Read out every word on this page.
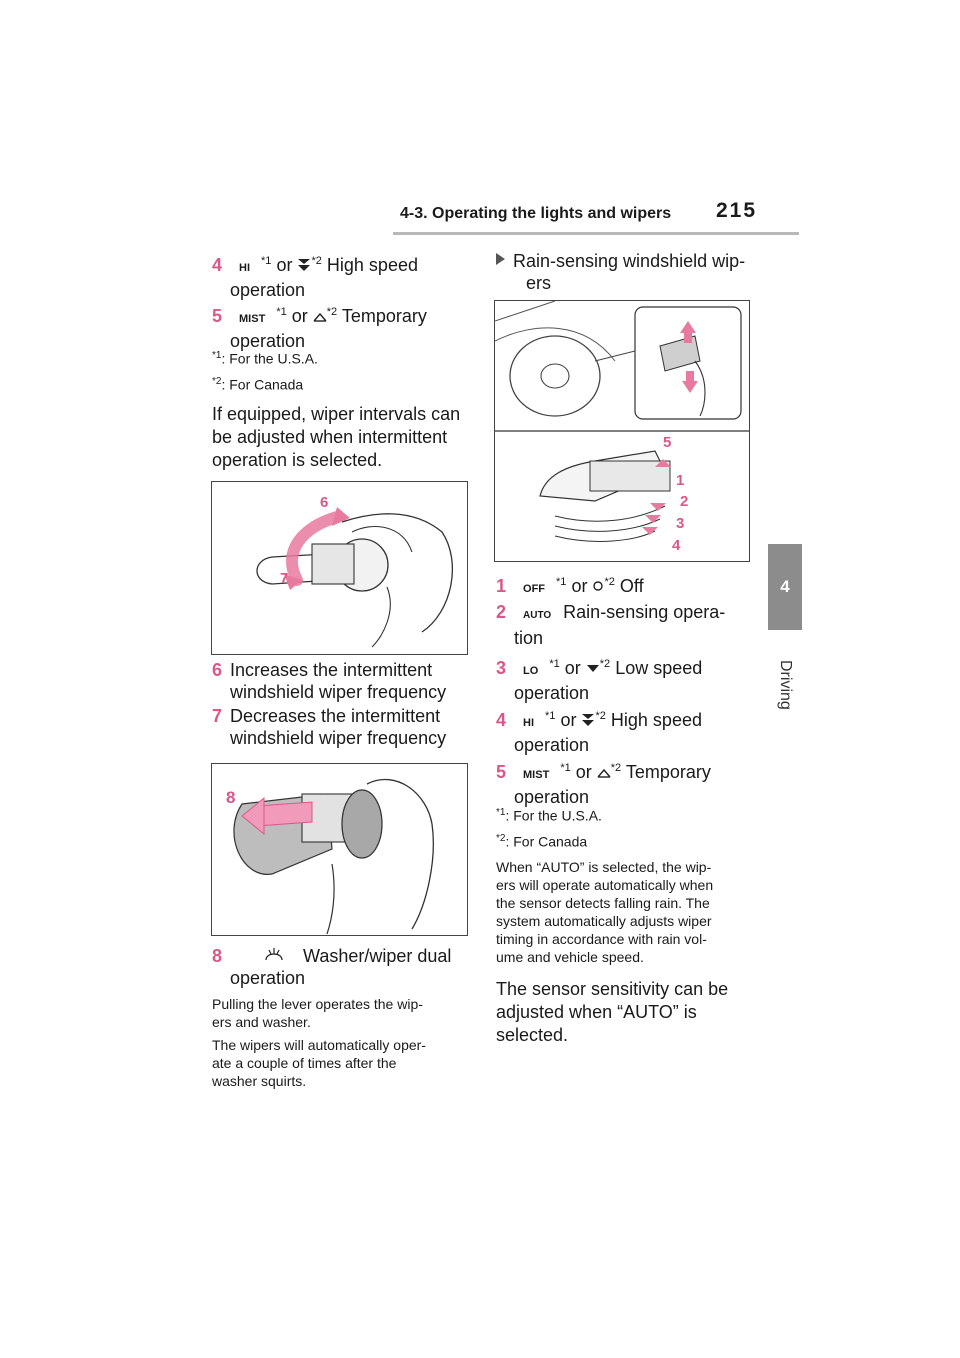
4-3. Operating the lights and wipers 215
4
Driving
4 HI $^{*1}$ or $^{*2}$ High speed
operation
5 MIST $^{*1}$ or $^{*2}$ Temporary
operation
$^{*1}$: For the U.S.A.
$^{*2}$: For Canada
If equipped, wiper intervals can be adjusted when intermittent operation is selected.
6
7
6 Increases the intermittent
windshield wiper frequency
7 Decreases the intermittent
windshield wiper frequency
8
8	Washer/wiper dual
operation
Pulling the lever operates the wip-
ers and washer.
The wipers will automatically oper-
ate a couple of times after the
washer squirts.
Rain-sensing windshield wip-
ers
5
1
2
3
4
1 OFF $^{*1}$ or $^{*2}$ Off
2 AUTO Rain-sensing opera-
tion
3 LO $^{*1}$ or $^{*2}$ Low speed
operation
4 HI $^{*1}$ or $^{*2}$ High speed
operation
5 MIST $^{*1}$ or $^{*2}$ Temporary
operation
$^{*1}$: For the U.S.A.
$^{*2}$: For Canada
When “AUTO” is selected, the wip-
ers will operate automatically when
the sensor detects falling rain. The
system automatically adjusts wiper
timing in accordance with rain vol-
ume and vehicle speed.
The sensor sensitivity can be
adjusted when “AUTO” is
selected.
